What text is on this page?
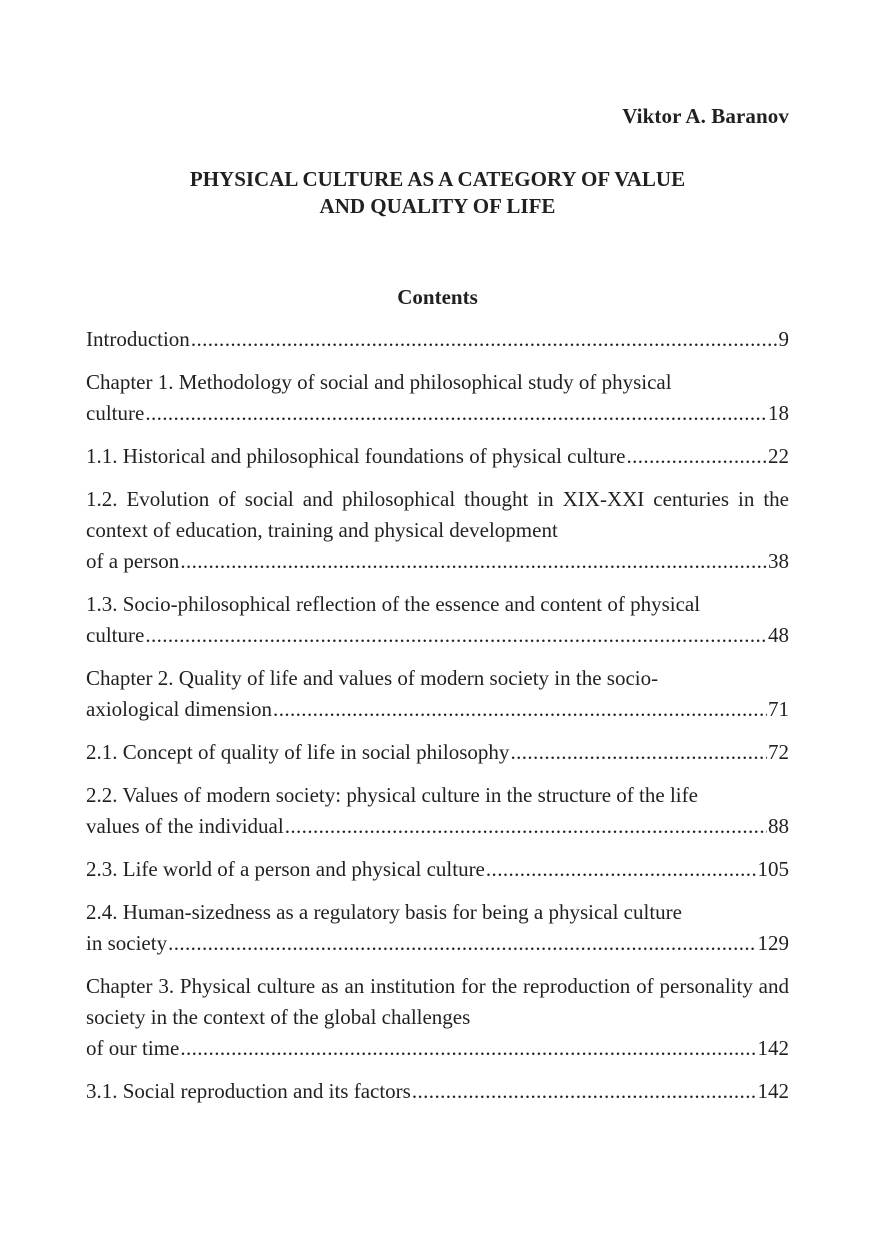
Viktor A. Baranov
PHYSICAL CULTURE AS A CATEGORY OF VALUE
AND QUALITY OF LIFE
Contents
Introduction .....	9
Chapter 1. Methodology of social and philosophical study of physical
culture .....	18
1.1. Historical and philosophical foundations of physical culture .....	22
1.2. Evolution of social and philosophical thought in XIX-XXI centuries in the context of education, training and physical development
of a person .....	38
1.3. Socio-philosophical reflection of the essence and content of physical
culture .....	48
Chapter 2. Quality of life and values of modern society in the socio-
axiological dimension .....	71
2.1. Concept of quality of life in social philosophy .....	72
2.2. Values of modern society: physical culture in the structure of the life
values of the individual .....	88
2.3. Life world of a person and physical culture .....	105
2.4. Human-sizedness as a regulatory basis for being a physical culture
in society .....	129
Chapter 3. Physical culture as an institution for the reproduction of personality and society in the context of the global challenges
of our time .....	142
3.1. Social reproduction and its factors .....	142
